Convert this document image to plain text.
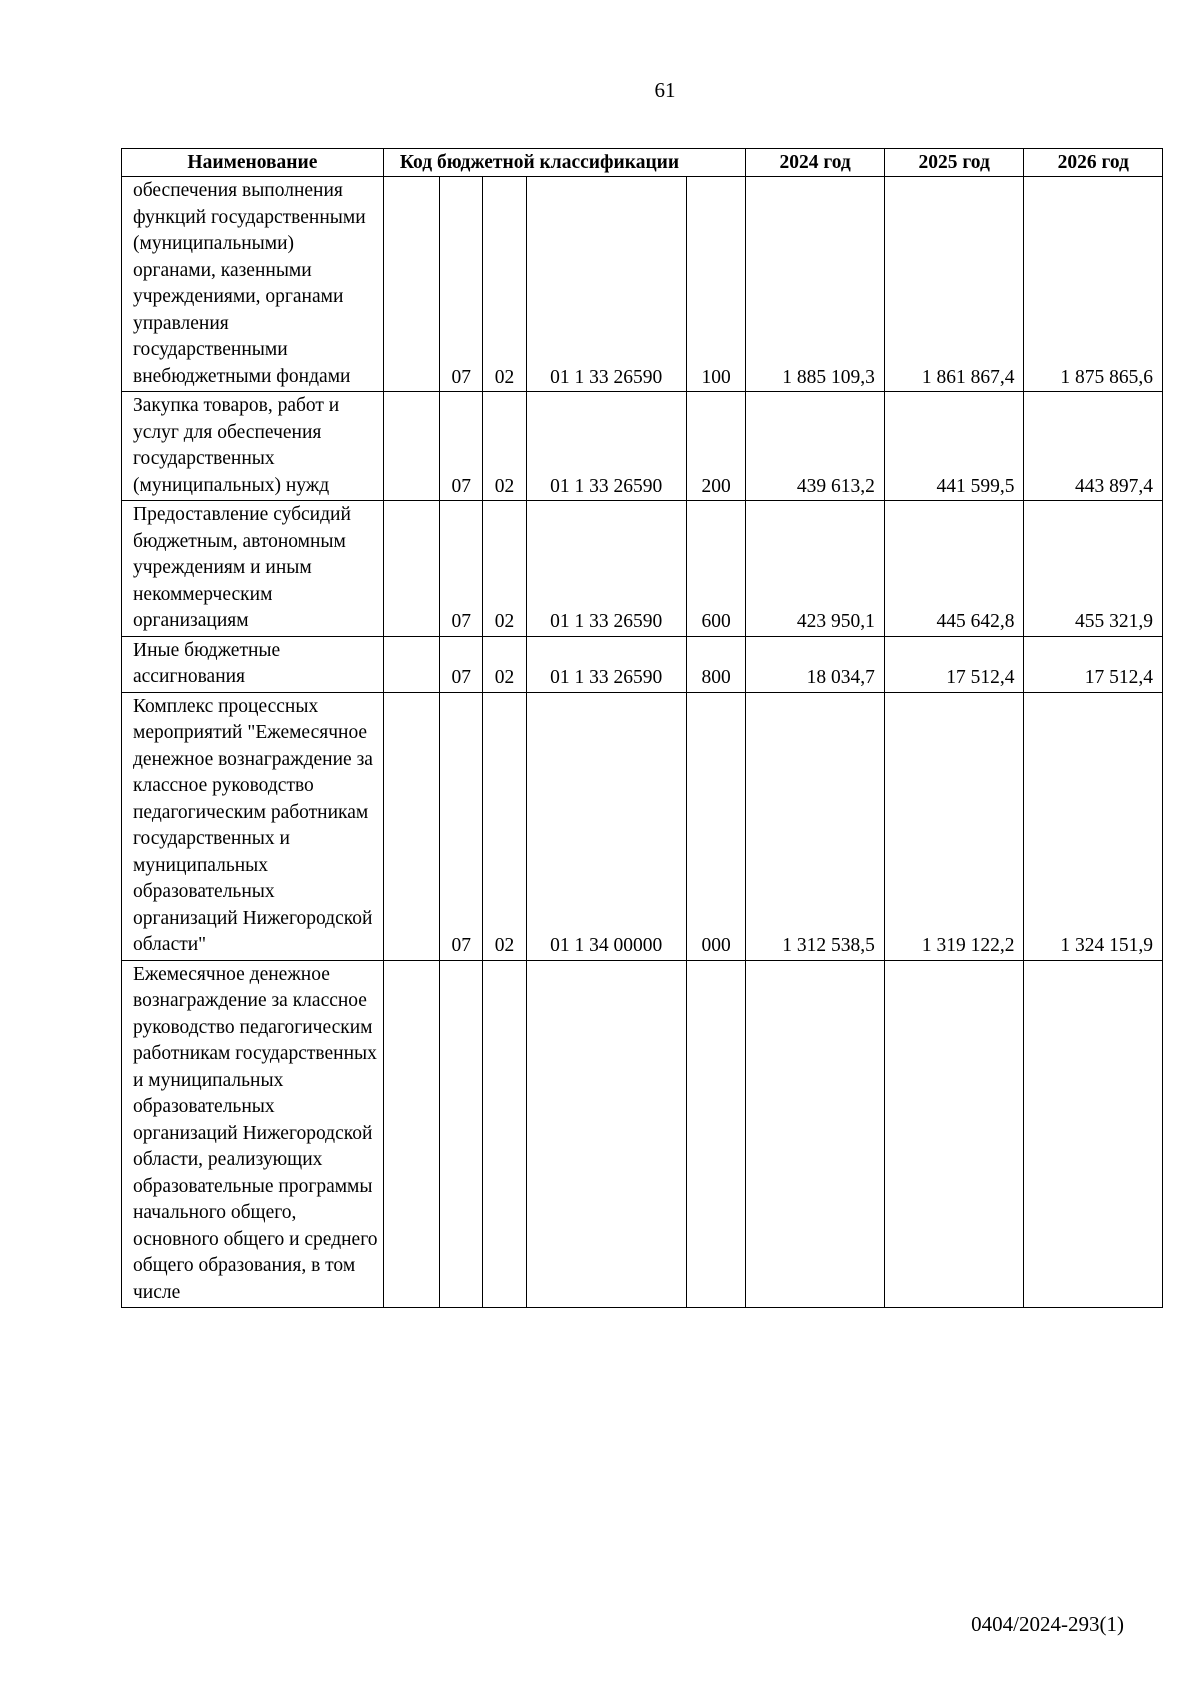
61
Наименование	Код бюджетной классификации					2024 год	2025 год	2026 год
обеспечения выполнения функций государственными (муниципальными) органами, казенными учреждениями, органами управления государственными внебюджетными фондами		07	02	01 1 33 26590	100	1 885 109,3	1 861 867,4	1 875 865,6
Закупка товаров, работ и услуг для обеспечения государственных (муниципальных) нужд		07	02	01 1 33 26590	200	439 613,2	441 599,5	443 897,4
Предоставление субсидий бюджетным, автономным учреждениям и иным некоммерческим организациям		07	02	01 1 33 26590	600	423 950,1	445 642,8	455 321,9
Иные бюджетные ассигнования		07	02	01 1 33 26590	800	18 034,7	17 512,4	17 512,4
Комплекс процессных мероприятий "Ежемесячное денежное вознаграждение за классное руководство педагогическим работникам государственных и муниципальных образовательных организаций Нижегородской области"		07	02	01 1 34 00000	000	1 312 538,5	1 319 122,2	1 324 151,9
Ежемесячное денежное вознаграждение за классное руководство педагогическим работникам государственных и муниципальных образовательных организаций Нижегородской области, реализующих образовательные программы начального общего, основного общего и среднего общего образования, в том числе								
0404/2024-293(1)
